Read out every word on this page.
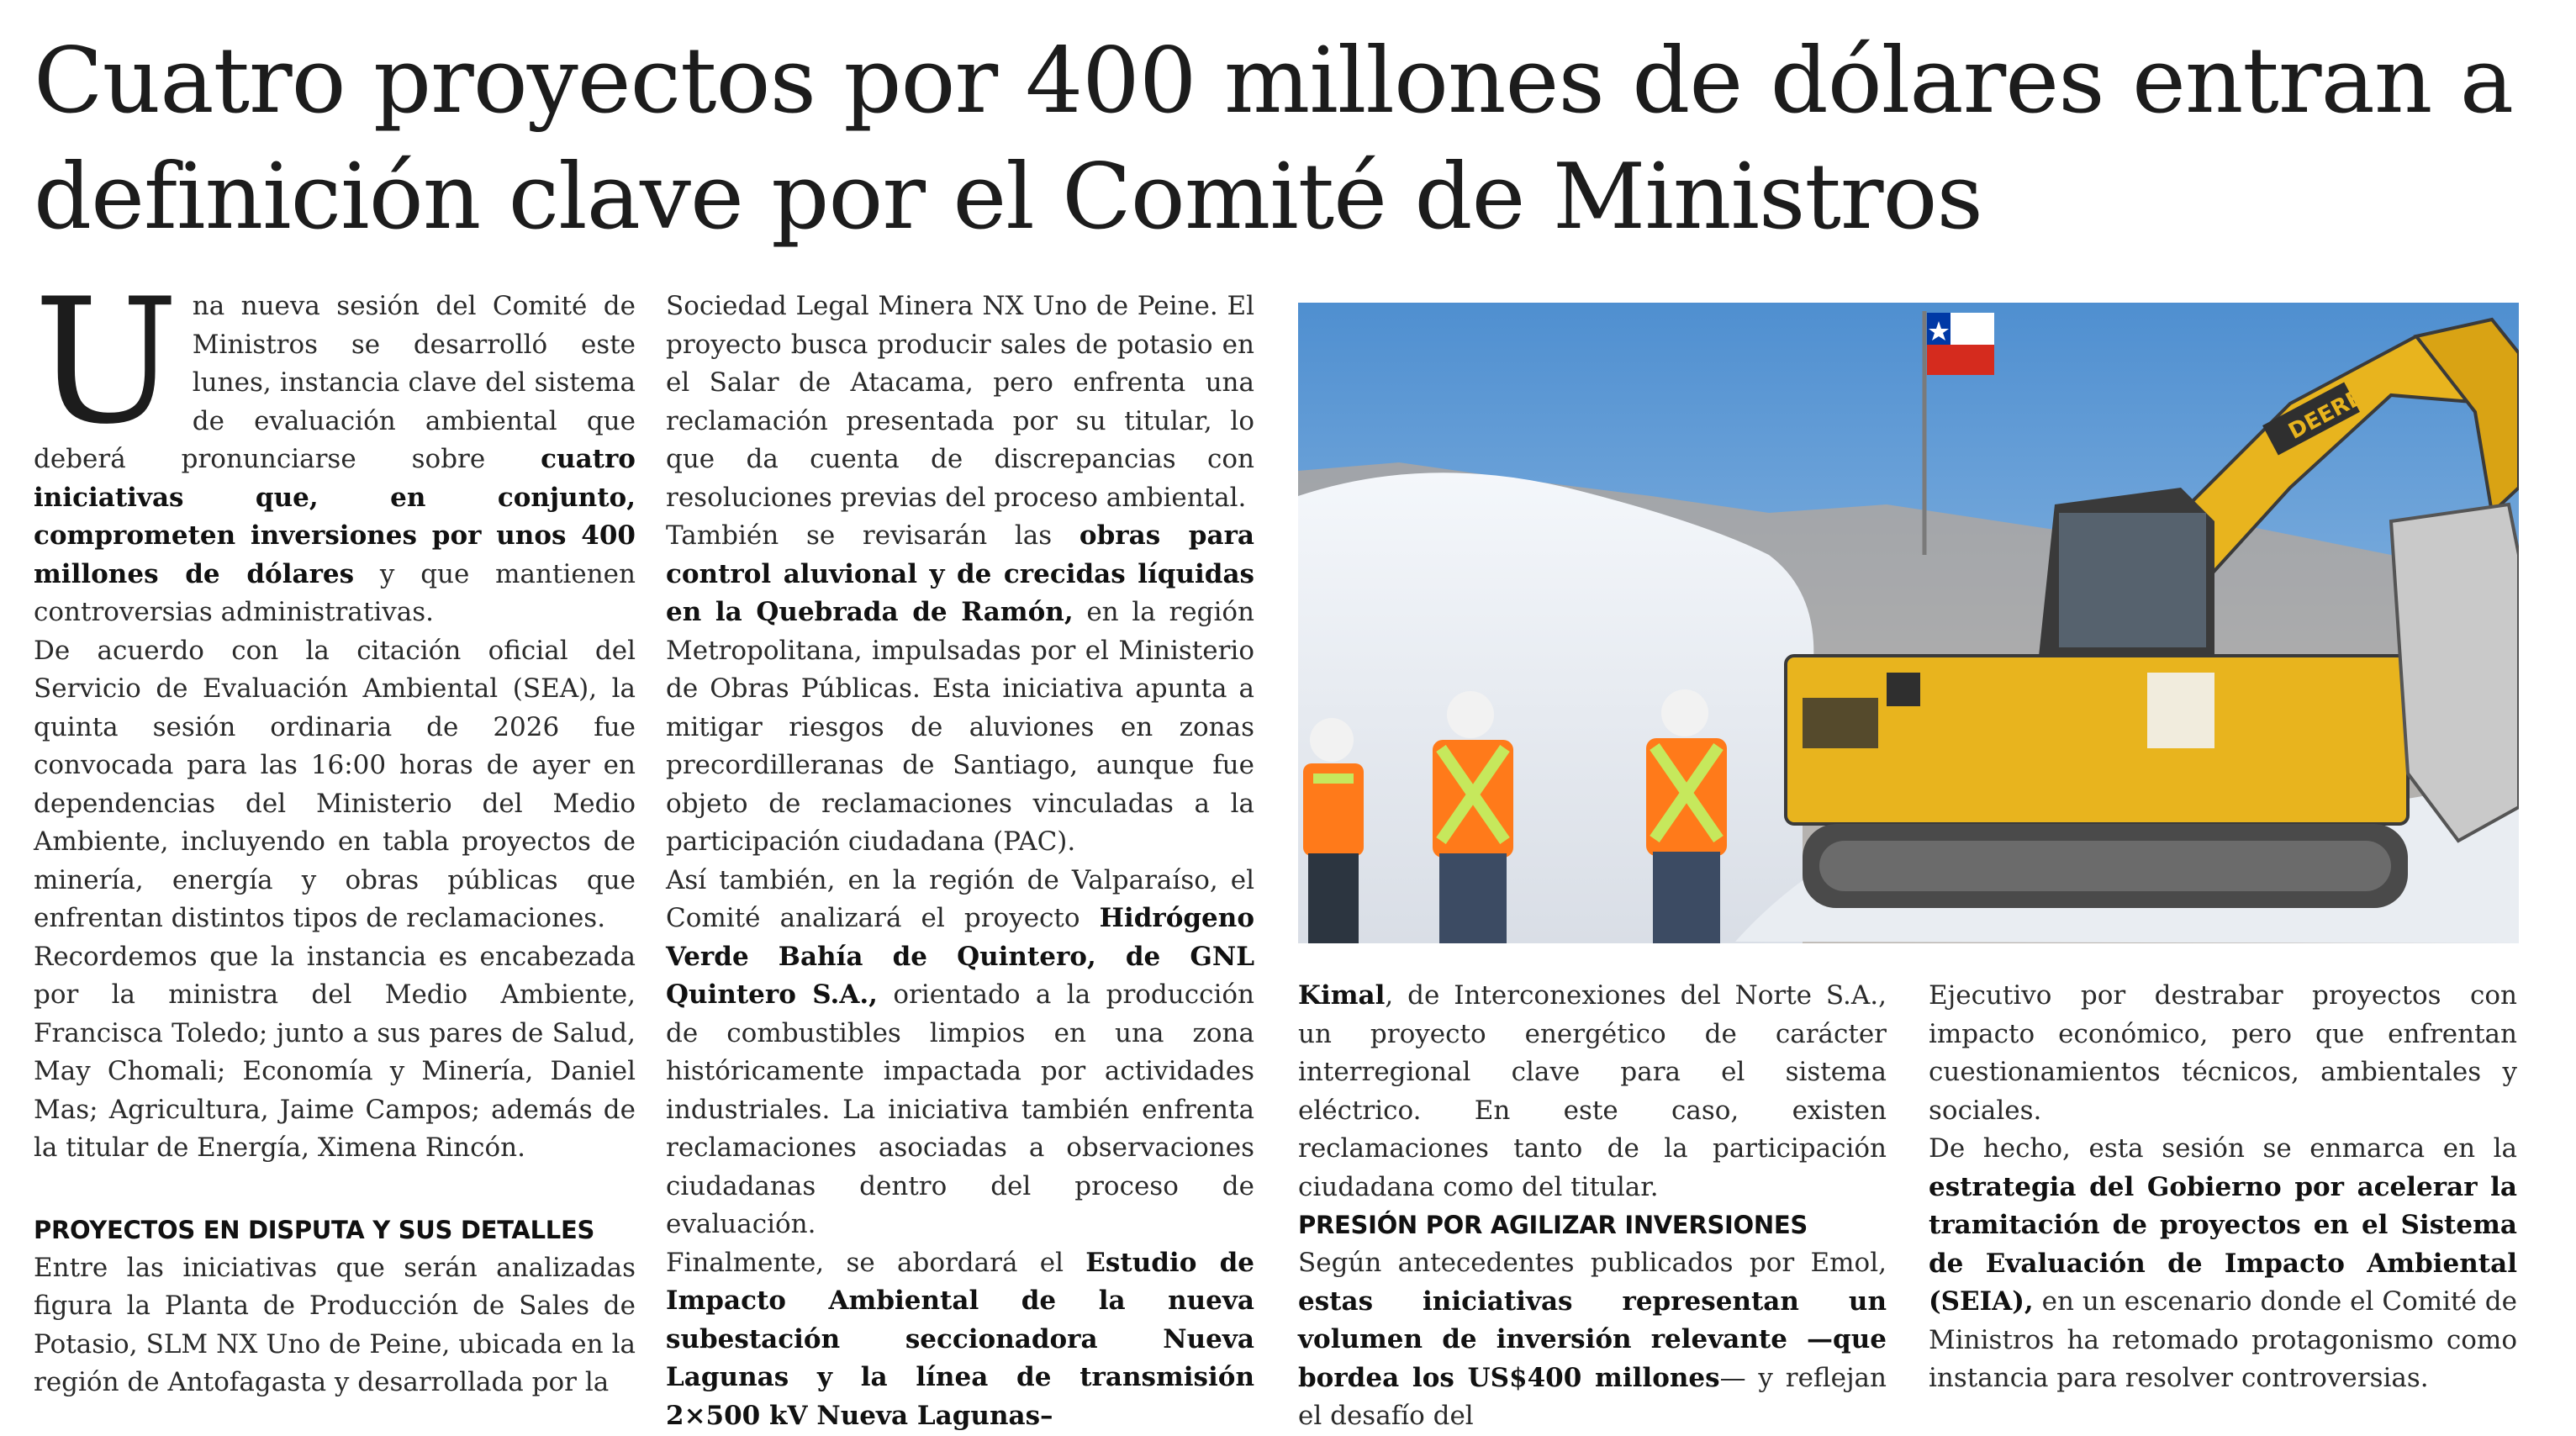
Cuatro proyectos por 400 millones de dólares entran a definición clave por el Comité de Ministros

Una nueva sesión del Comité de Ministros se desarrolló este lunes, instancia clave del sistema de evaluación ambiental que deberá pronunciarse sobre cuatro iniciativas que, en conjunto, comprometen inversiones por unos 400 millones de dólares y que mantienen controversias administrativas.

De acuerdo con la citación oficial del Servicio de Evaluación Ambiental (SEA), la quinta sesión ordinaria de 2026 fue convocada para las 16:00 horas de ayer en dependencias del Ministerio del Medio Ambiente, incluyendo en tabla proyectos de minería, energía y obras públicas que enfrentan distintos tipos de reclamaciones.

Recordemos que la instancia es encabezada por la ministra del Medio Ambiente, Francisca Toledo; junto a sus pares de Salud, May Chomali; Economía y Minería, Daniel Mas; Agricultura, Jaime Campos; además de la titular de Energía, Ximena Rincón.

PROYECTOS EN DISPUTA Y SUS DETALLES

Entre las iniciativas que serán analizadas figura la Planta de Producción de Sales de Potasio, SLM NX Uno de Peine, ubicada en la región de Antofagasta y desarrollada por la

Sociedad Legal Minera NX Uno de Peine. El proyecto busca producir sales de potasio en el Salar de Atacama, pero enfrenta una reclamación presentada por su titular, lo que da cuenta de discrepancias con resoluciones previas del proceso ambiental.

También se revisarán las obras para control aluvional y de crecidas líquidas en la Quebrada de Ramón, en la región Metropolitana, impulsadas por el Ministerio de Obras Públicas. Esta iniciativa apunta a mitigar riesgos de aluviones en zonas precordilleranas de Santiago, aunque fue objeto de reclamaciones vinculadas a la participación ciudadana (PAC).

Así también, en la región de Valparaíso, el Comité analizará el proyecto Hidrógeno Verde Bahía de Quintero, de GNL Quintero S.A., orientado a la producción de combustibles limpios en una zona históricamente impactada por actividades industriales. La iniciativa también enfrenta reclamaciones asociadas a observaciones ciudadanas dentro del proceso de evaluación.

Finalmente, se abordará el Estudio de Impacto Ambiental de la nueva subestación seccionadora Nueva Lagunas y la línea de transmisión 2×500 kV Nueva Lagunas–

DEERE

Kimal, de Interconexiones del Norte S.A., un proyecto energético de carácter interregional clave para el sistema eléctrico. En este caso, existen reclamaciones tanto de la participación ciudadana como del titular.

PRESIÓN POR AGILIZAR INVERSIONES

Según antecedentes publicados por Emol, estas iniciativas representan un volumen de inversión relevante —que bordea los US$400 millones— y reflejan el desafío del

Ejecutivo por destrabar proyectos con impacto económico, pero que enfrentan cuestionamientos técnicos, ambientales y sociales.

De hecho, esta sesión se enmarca en la estrategia del Gobierno por acelerar la tramitación de proyectos en el Sistema de Evaluación de Impacto Ambiental (SEIA), en un escenario donde el Comité de Ministros ha retomado protagonismo como instancia para resolver controversias.
